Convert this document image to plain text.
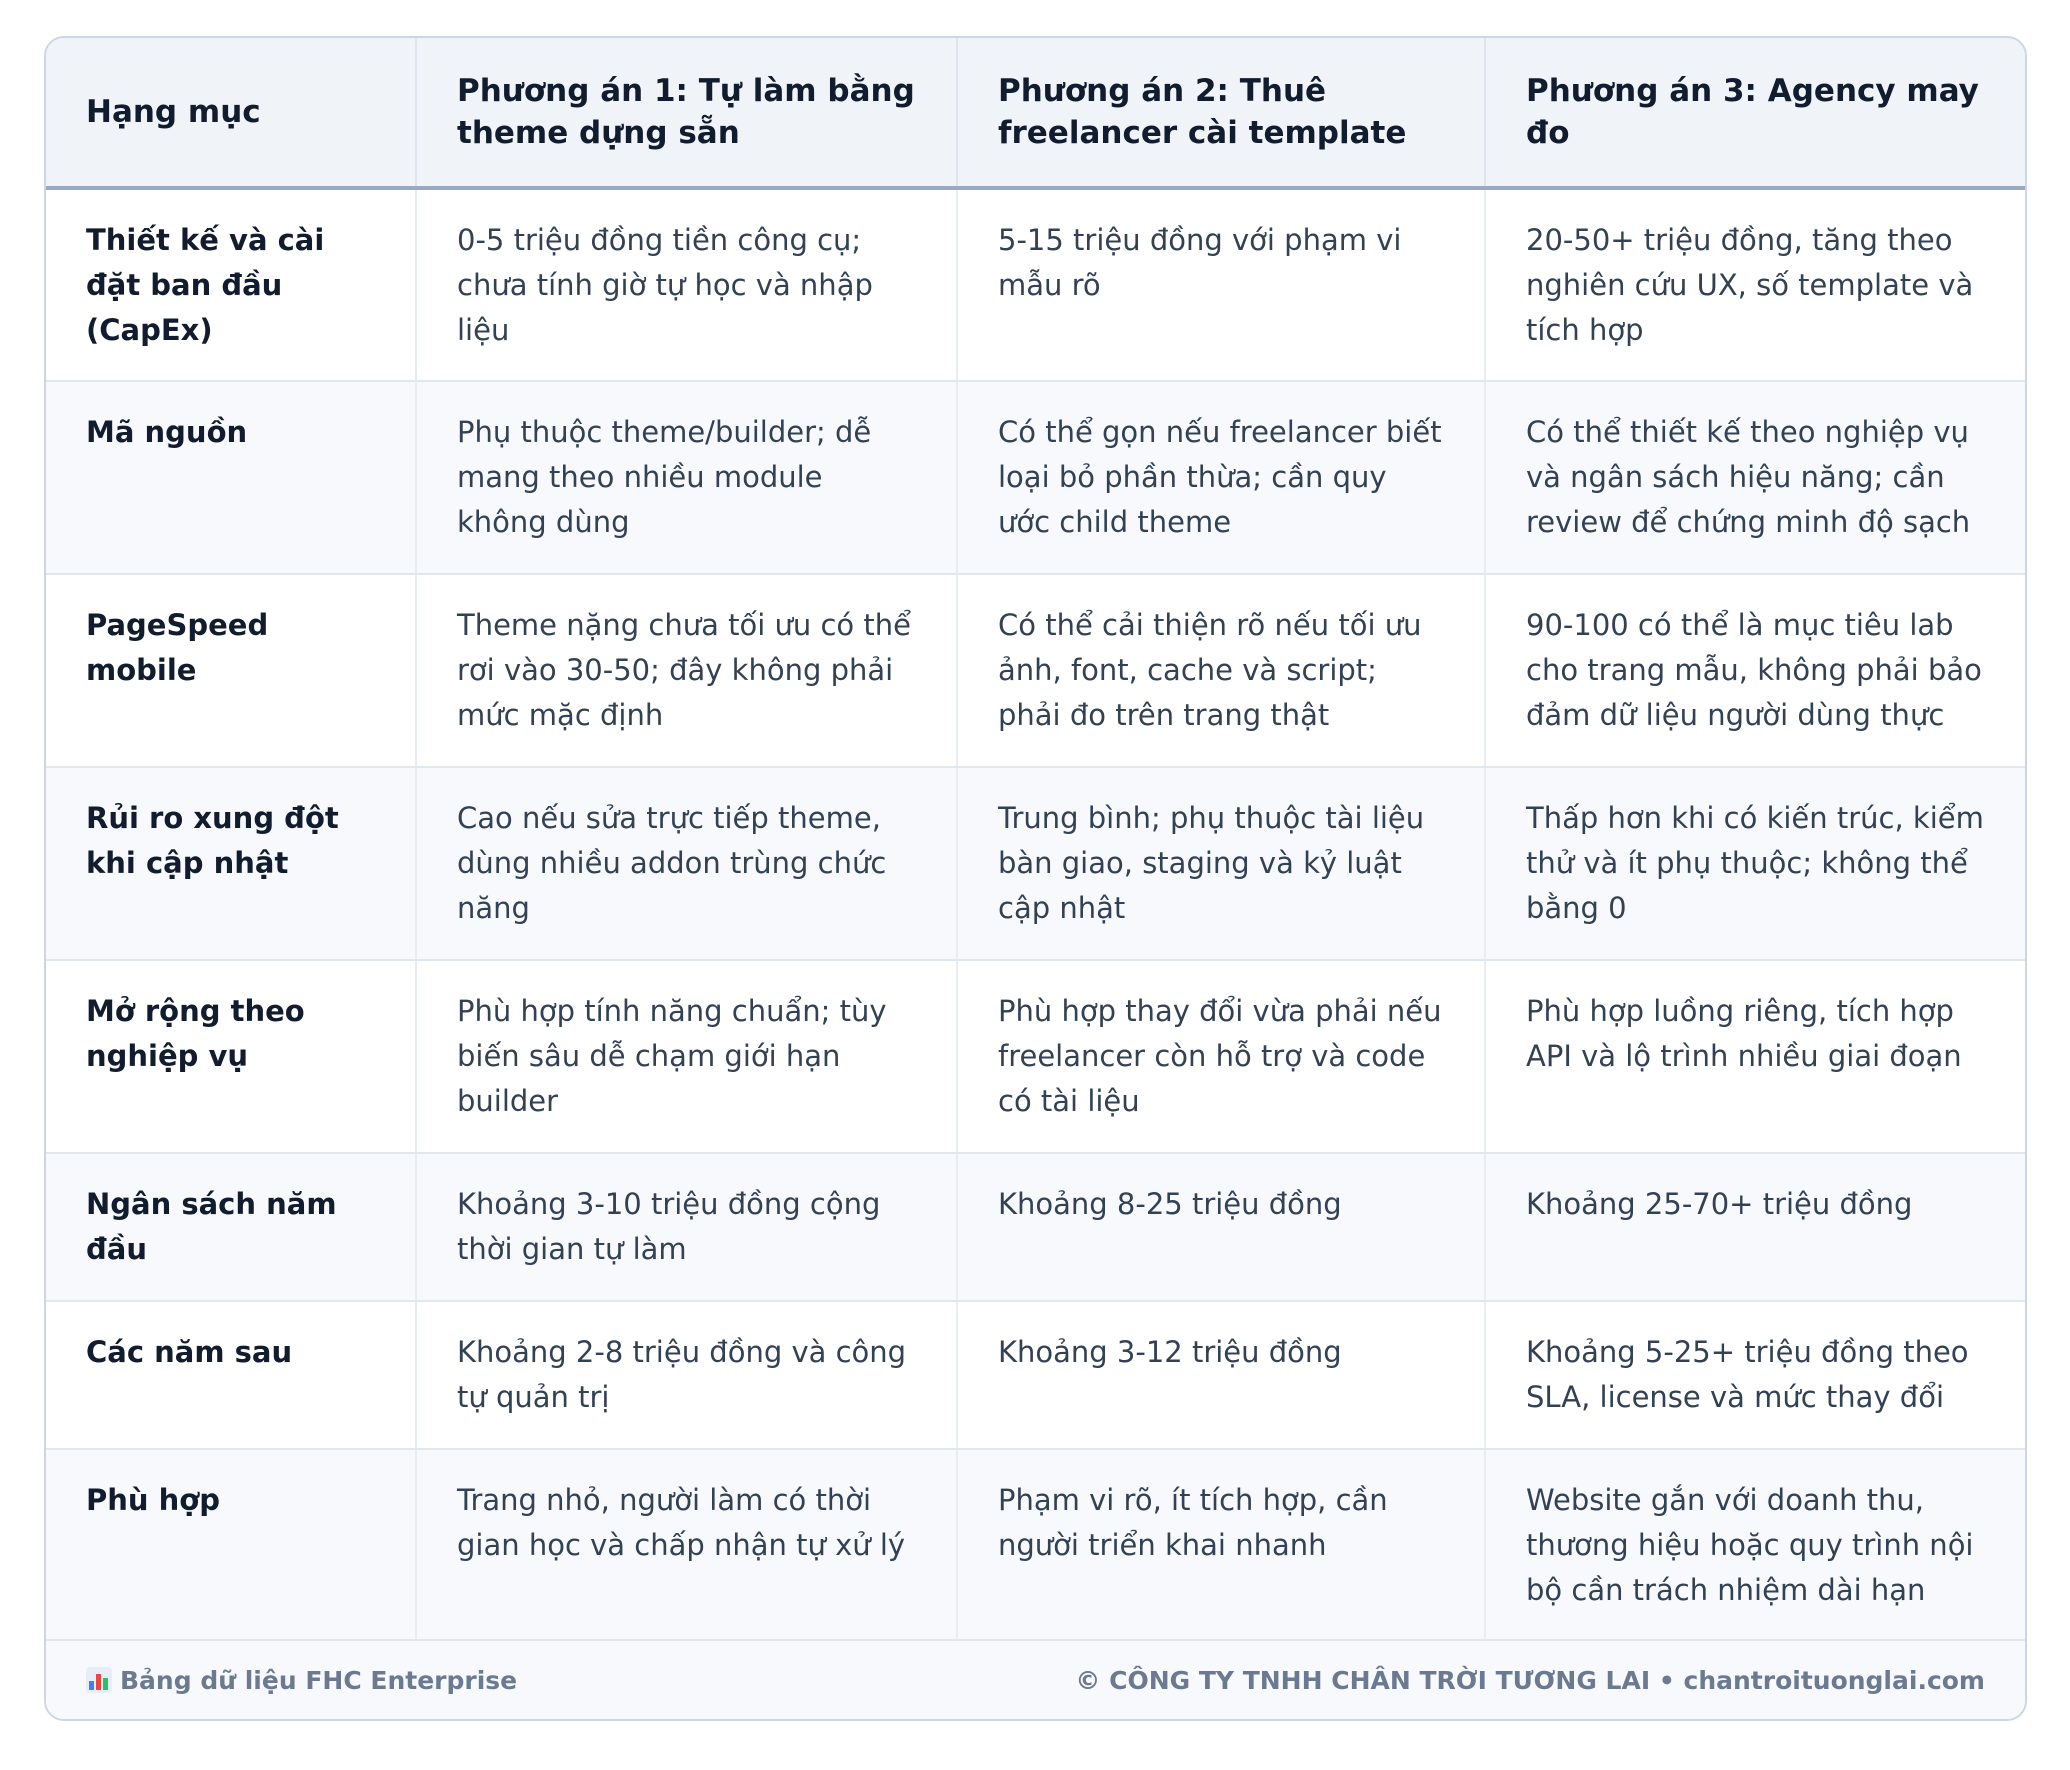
Hạng mục	Phương án 1: Tự làm bằng theme dựng sẵn	Phương án 2: Thuê freelancer cài template	Phương án 3: Agency may đo
Thiết kế và cài đặt ban đầu (CapEx)	0-5 triệu đồng tiền công cụ; chưa tính giờ tự học và nhập liệu	5-15 triệu đồng với phạm vi mẫu rõ	20-50+ triệu đồng, tăng theo nghiên cứu UX, số template và tích hợp
Mã nguồn	Phụ thuộc theme/builder; dễ mang theo nhiều module không dùng	Có thể gọn nếu freelancer biết loại bỏ phần thừa; cần quy ước child theme	Có thể thiết kế theo nghiệp vụ và ngân sách hiệu năng; cần review để chứng minh độ sạch
PageSpeed mobile	Theme nặng chưa tối ưu có thể rơi vào 30-50; đây không phải mức mặc định	Có thể cải thiện rõ nếu tối ưu ảnh, font, cache và script; phải đo trên trang thật	90-100 có thể là mục tiêu lab cho trang mẫu, không phải bảo đảm dữ liệu người dùng thực
Rủi ro xung đột khi cập nhật	Cao nếu sửa trực tiếp theme, dùng nhiều addon trùng chức năng	Trung bình; phụ thuộc tài liệu bàn giao, staging và kỷ luật cập nhật	Thấp hơn khi có kiến trúc, kiểm thử và ít phụ thuộc; không thể bằng 0
Mở rộng theo nghiệp vụ	Phù hợp tính năng chuẩn; tùy biến sâu dễ chạm giới hạn builder	Phù hợp thay đổi vừa phải nếu freelancer còn hỗ trợ và code có tài liệu	Phù hợp luồng riêng, tích hợp API và lộ trình nhiều giai đoạn
Ngân sách năm đầu	Khoảng 3-10 triệu đồng cộng thời gian tự làm	Khoảng 8-25 triệu đồng	Khoảng 25-70+ triệu đồng
Các năm sau	Khoảng 2-8 triệu đồng và công tự quản trị	Khoảng 3-12 triệu đồng	Khoảng 5-25+ triệu đồng theo SLA, license và mức thay đổi
Phù hợp	Trang nhỏ, người làm có thời gian học và chấp nhận tự xử lý	Phạm vi rõ, ít tích hợp, cần người triển khai nhanh	Website gắn với doanh thu, thương hiệu hoặc quy trình nội bộ cần trách nhiệm dài hạn
Bảng dữ liệu FHC Enterprise	© CÔNG TY TNHH CHÂN TRỜI TƯƠNG LAI • chantroituonglai.com
